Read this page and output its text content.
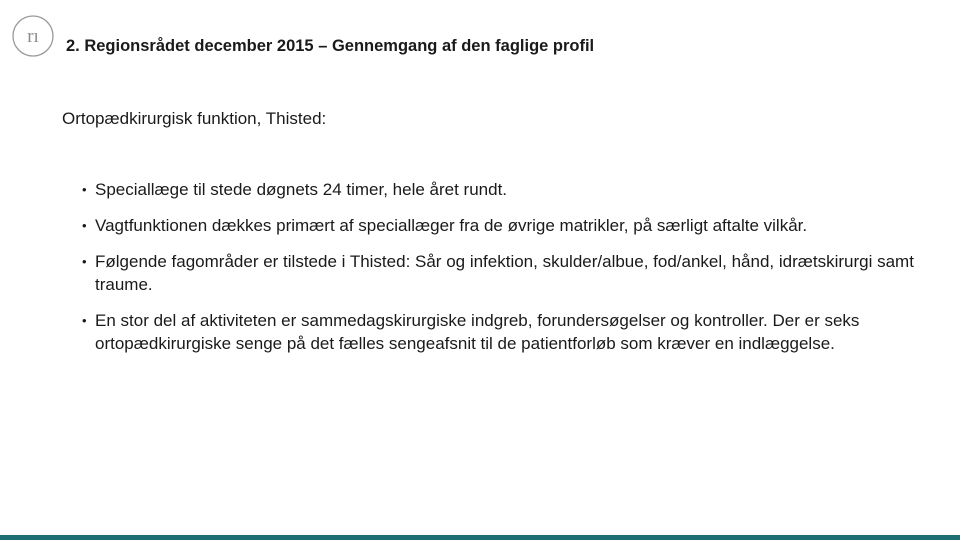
rı 2. Regionsrådet december 2015 – Gennemgang af den faglige profil
Ortopædkirurgisk funktion, Thisted:
• Speciallæge til stede døgnets 24 timer, hele året rundt.
• Vagtfunktionen dækkes primært af speciallæger fra de øvrige matrikler, på særligt aftalte vilkår.
• Følgende fagområder er tilstede i Thisted: Sår og infektion, skulder/albue, fod/ankel, hånd, idrætskirurgi samt traume.
• En stor del af aktiviteten er sammedagskirurgiske indgreb, forundersøgelser og kontroller. Der er seks ortopædkirurgiske senge på det fælles sengeafsnit til de patientforløb som kræver en indlæggelse.
